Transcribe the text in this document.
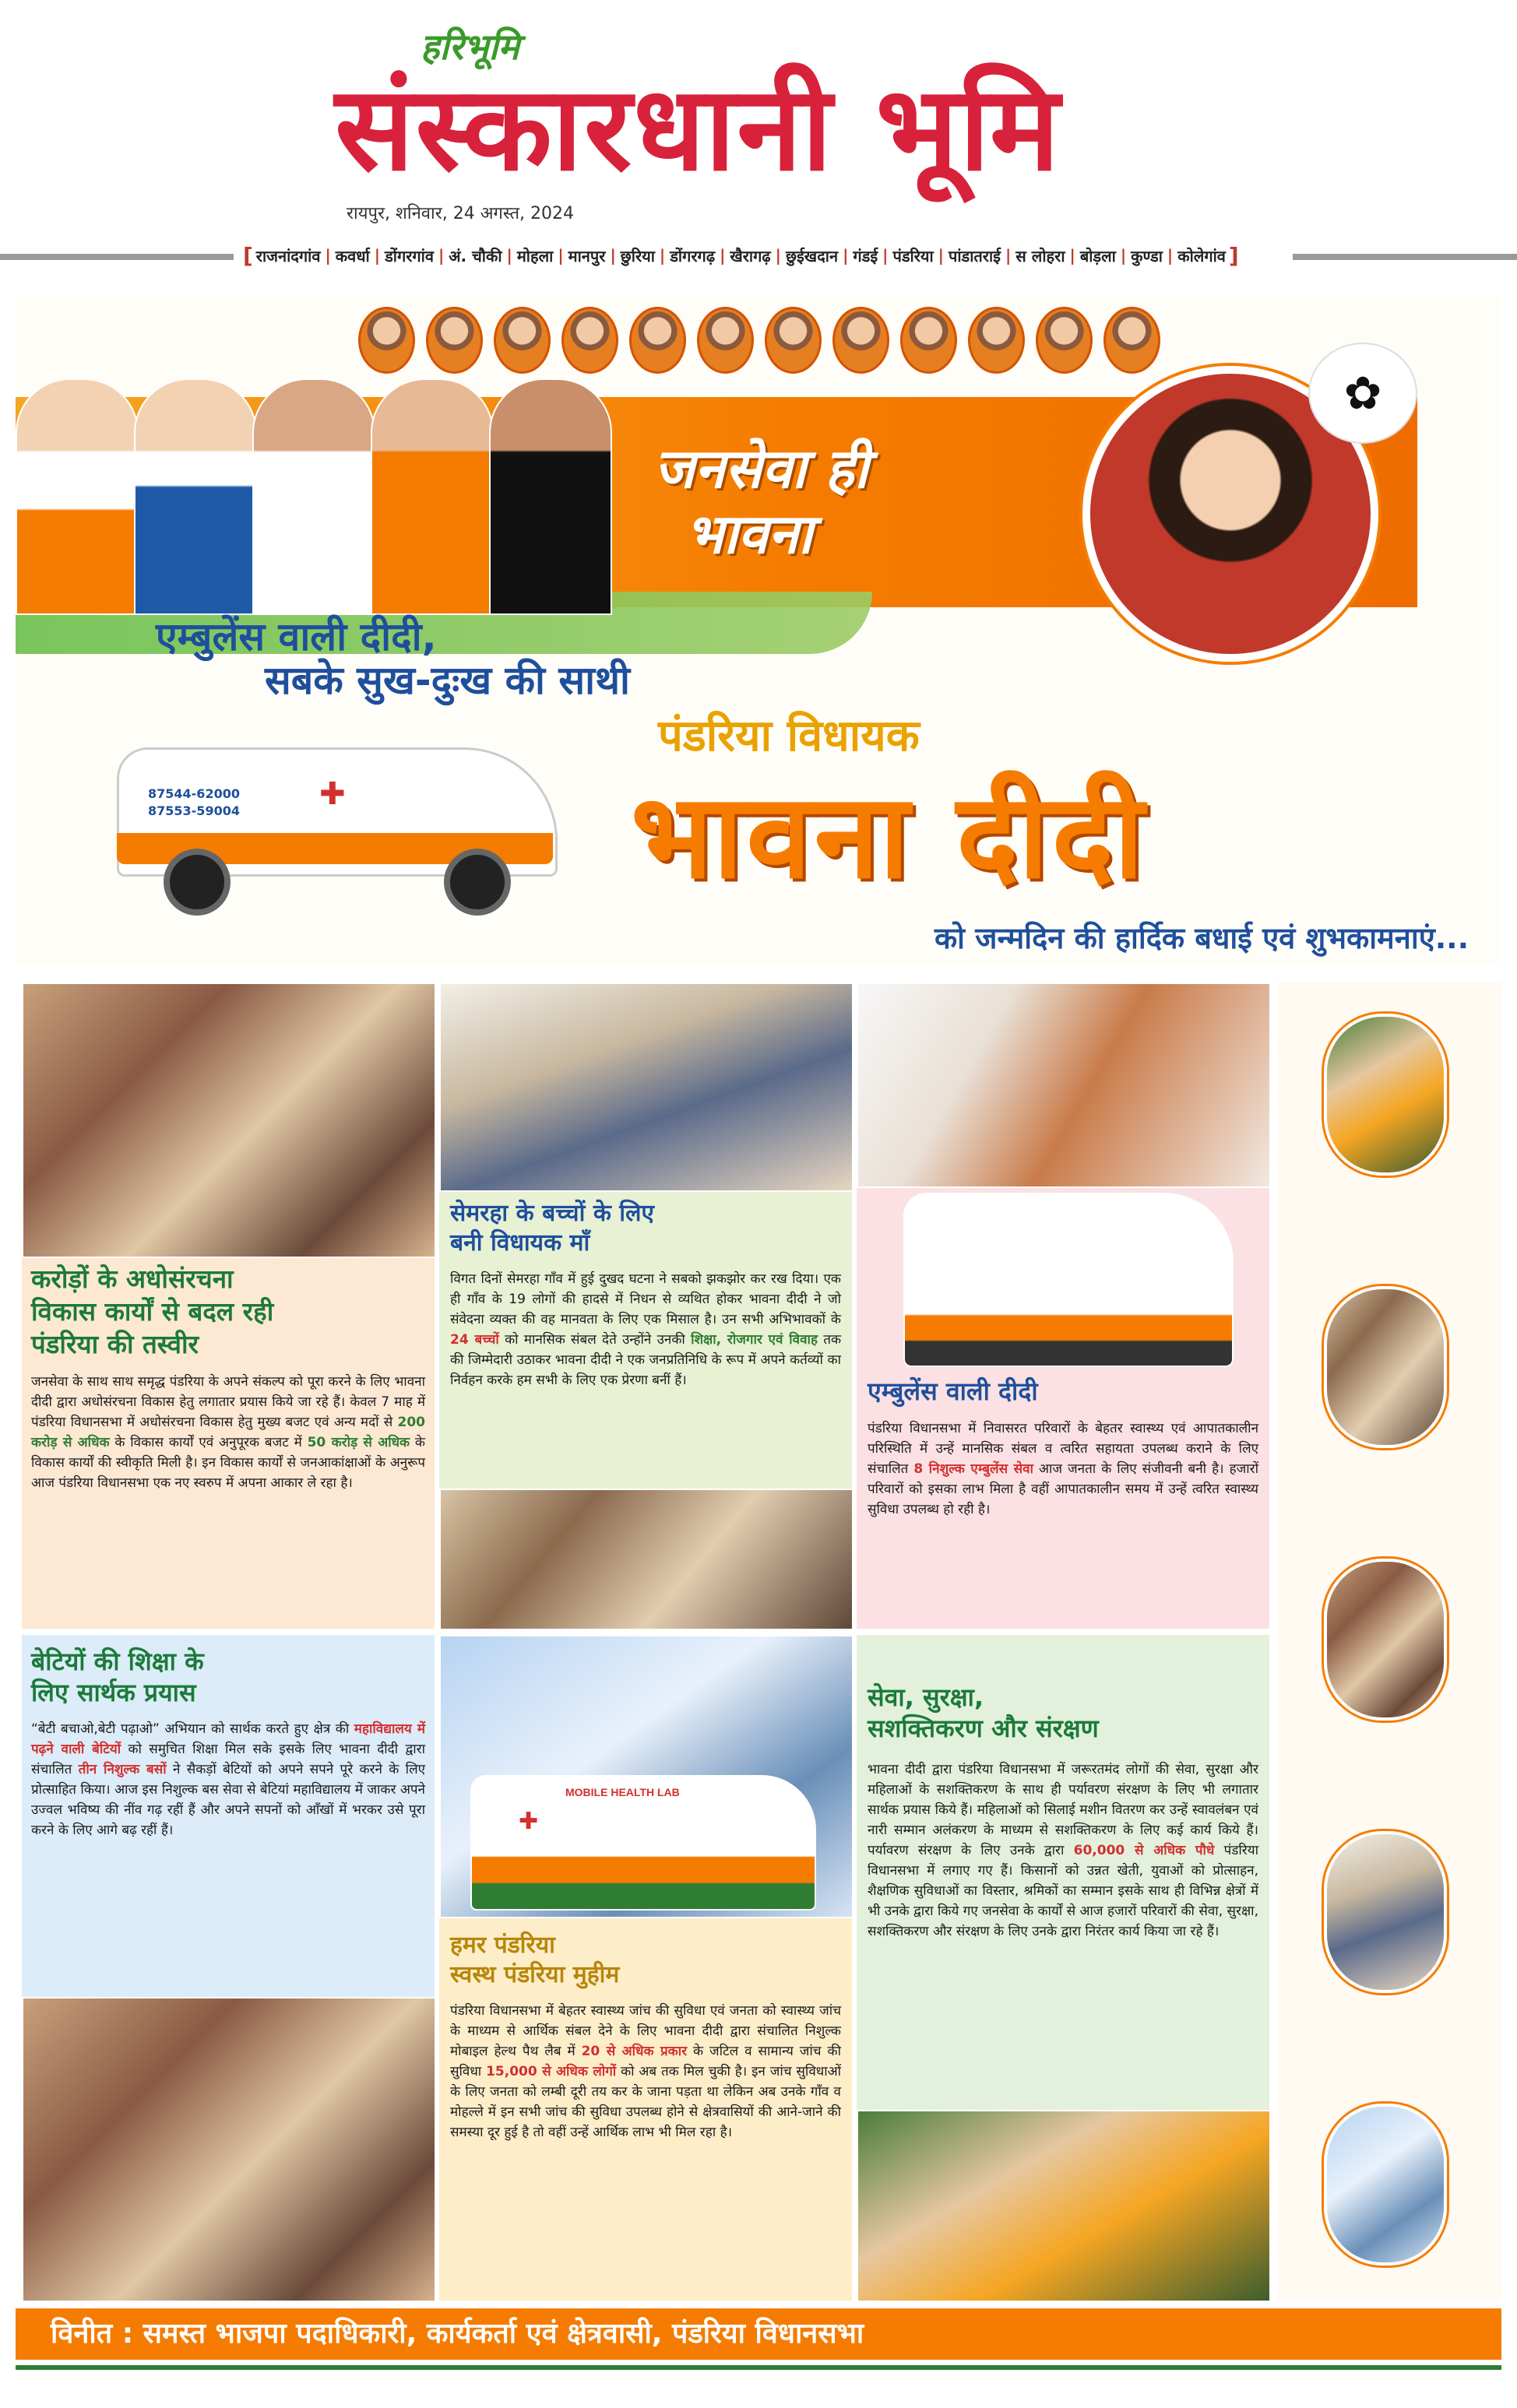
हरिभूमि
संस्कारधानी भूमि
रायपुर, शनिवार, 24 अगस्त, 2024
[ राजनांदगांव | कवर्धा | डोंगरगांव | अं. चौकी | मोहला | मानपुर | छुरिया | डोंगरगढ़ | खैरागढ़ | छुईखदान | गंडई | पंडरिया | पांडातराई | स लोहरा | बोड़ला | कुण्डा | कोलेगांव ]
जनसेवा ही
भावना
✿
एम्बुलेंस वाली दीदी,
सबके सुख-दुःख की साथी
पंडरिया विधायक
भावना दीदी
को जन्मदिन की हार्दिक बधाई एवं शुभकामनाएं...
✚
87544-62000
87553-59004
करोड़ों के अधोसंरचना
विकास कार्यों से बदल रही
पंडरिया की तस्वीर
जनसेवा के साथ साथ समृद्ध पंडरिया के अपने संकल्प को पूरा करने के लिए भावना दीदी द्वारा अधोसंरचना विकास हेतु लगातार प्रयास किये जा रहे हैं। केवल 7 माह में पंडरिया विधानसभा में अधोसंरचना विकास हेतु मुख्य बजट एवं अन्य मदों से 200 करोड़ से अधिक के विकास कार्यों एवं अनुपूरक बजट में 50 करोड़ से अधिक के विकास कार्यों की स्वीकृति मिली है। इन विकास कार्यों से जनआकांक्षाओं के अनुरूप आज पंडरिया विधानसभा एक नए स्वरुप में अपना आकार ले रहा है।
सेमरहा के बच्चों के लिए
बनी विधायक माँ
विगत दिनों सेमरहा गाँव में हुई दुखद घटना ने सबको झकझोर कर रख दिया। एक ही गाँव के 19 लोगों की हादसे में निधन से व्यथित होकर भावना दीदी ने जो संवेदना व्यक्त की वह मानवता के लिए एक मिसाल है। उन सभी अभिभावकों के 24 बच्चों को मानसिक संबल देते उन्होंने उनकी शिक्षा, रोजगार एवं विवाह तक की जिम्मेदारी उठाकर भावना दीदी ने एक जनप्रतिनिधि के रूप में अपने कर्तव्यों का निर्वहन करके हम सभी के लिए एक प्रेरणा बनीं हैं।	एम्बुलेंस वाली दीदी
पंडरिया विधानसभा में निवासरत परिवारों के बेहतर स्वास्थ्य एवं आपातकालीन परिस्थिति में उन्हें मानसिक संबल व त्वरित सहायता उपलब्ध कराने के लिए संचालित 8 निशुल्क एम्बुलेंस सेवा आज जनता के लिए संजीवनी बनी है। हजारों परिवारों को इसका लाभ मिला है वहीं आपातकालीन समय में उन्हें त्वरित स्वास्थ्य सुविधा उपलब्ध हो रही है।
बेटियों की शिक्षा के
लिए सार्थक प्रयास
“बेटी बचाओ,बेटी पढ़ाओ” अभियान को सार्थक करते हुए क्षेत्र की महाविद्यालय में पढ़ने वाली बेटियों को समुचित शिक्षा मिल सके इसके लिए भावना दीदी द्वारा संचालित तीन निशुल्क बसों ने सैकड़ों बेटियों को अपने सपने पूरे करने के लिए प्रोत्साहित किया। आज इस निशुल्क बस सेवा से बेटियां महाविद्यालय में जाकर अपने उज्वल भविष्य की नींव गढ़ रहीं हैं और अपने सपनों को आँखों में भरकर उसे पूरा करने के लिए आगे बढ़ रहीं हैं।
MOBILE HEALTH LAB
✚
हमर पंडरिया
स्वस्थ पंडरिया मुहीम
पंडरिया विधानसभा में बेहतर स्वास्थ्य जांच की सुविधा एवं जनता को स्वास्थ्य जांच के माध्यम से आर्थिक संबल देने के लिए भावना दीदी द्वारा संचालित निशुल्क मोबाइल हेल्थ पैथ लैब में 20 से अधिक प्रकार के जटिल व सामान्य जांच की सुविधा 15,000 से अधिक लोगों को अब तक मिल चुकी है। इन जांच सुविधाओं के लिए जनता को लम्बी दूरी तय कर के जाना पड़ता था लेकिन अब उनके गाँव व मोहल्ले में इन सभी जांच की सुविधा उपलब्ध होने से क्षेत्रवासियों की आने-जाने की समस्या दूर हुई है तो वहीं उन्हें आर्थिक लाभ भी मिल रहा है।
सेवा, सुरक्षा,
सशक्तिकरण और संरक्षण
भावना दीदी द्वारा पंडरिया विधानसभा में जरूरतमंद लोगों की सेवा, सुरक्षा और महिलाओं के सशक्तिकरण के साथ ही पर्यावरण संरक्षण के लिए भी लगातार सार्थक प्रयास किये हैं। महिलाओं को सिलाई मशीन वितरण कर उन्हें स्वावलंबन एवं नारी सम्मान अलंकरण के माध्यम से सशक्तिकरण के लिए कई कार्य किये हैं। पर्यावरण संरक्षण के लिए उनके द्वारा 60,000 से अधिक पौधे पंडरिया विधानसभा में लगाए गए हैं। किसानों को उन्नत खेती, युवाओं को प्रोत्साहन, शैक्षणिक सुविधाओं का विस्तार, श्रमिकों का सम्मान इसके साथ ही विभिन्न क्षेत्रों में भी उनके द्वारा किये गए जनसेवा के कार्यों से आज हजारों परिवारों की सेवा, सुरक्षा, सशक्तिकरण और संरक्षण के लिए उनके द्वारा निरंतर कार्य किया जा रहे हैं।
विनीत : समस्त भाजपा पदाधिकारी, कार्यकर्ता एवं क्षेत्रवासी, पंडरिया विधानसभा
